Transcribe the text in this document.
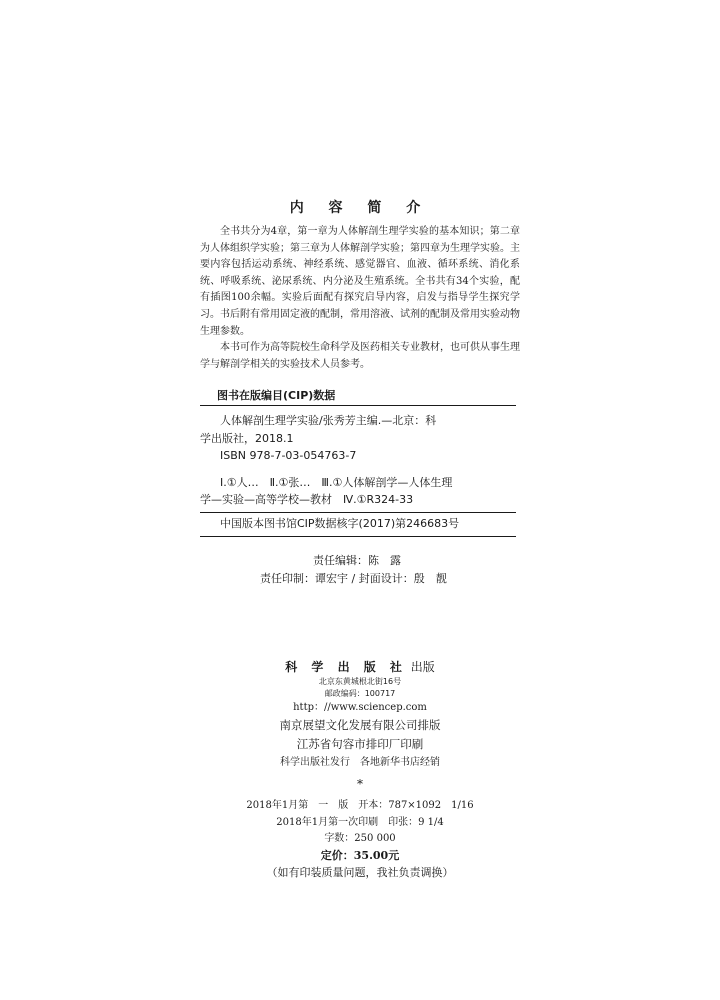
内 容 简 介

全书共分为4章，第一章为人体解剖生理学实验的基本知识；第二章为人体组织学实验；第三章为人体解剖学实验；第四章为生理学实验。主要内容包括运动系统、神经系统、感觉器官、血液、循环系统、消化系统、呼吸系统、泌尿系统、内分泌及生殖系统。全书共有34个实验，配有插图100余幅。实验后面配有探究启导内容，启发与指导学生探究学习。书后附有常用固定液的配制，常用溶液、试剂的配制及常用实验动物生理参数。

本书可作为高等院校生命科学及医药相关专业教材，也可供从事生理学与解剖学相关的实验技术人员参考。

图书在版编目(CIP)数据
人体解剖生理学实验/张秀芳主编.—北京：科
学出版社，2018.1
ISBN 978-7-03-054763-7
Ⅰ.①人…　Ⅱ.①张…　Ⅲ.①人体解剖学—人体生理
学—实验—高等学校—教材　Ⅳ.①R324-33
中国版本图书馆CIP数据核字(2017)第246683号
责任编辑：陈　露
责任印制：谭宏宇 / 封面设计：殷　靓
科 学 出 版 社 出版
北京东黄城根北街16号
邮政编码：100717
http：//www.sciencep.com
南京展望文化发展有限公司排版
江苏省句容市排印厂印刷
科学出版社发行　各地新华书店经销
*
2018年1月第　一　版　开本：787×1092　1/16
2018年1月第一次印刷　印张：9 1/4
字数：250 000
定价：35.00元
（如有印装质量问题，我社负责调换）
